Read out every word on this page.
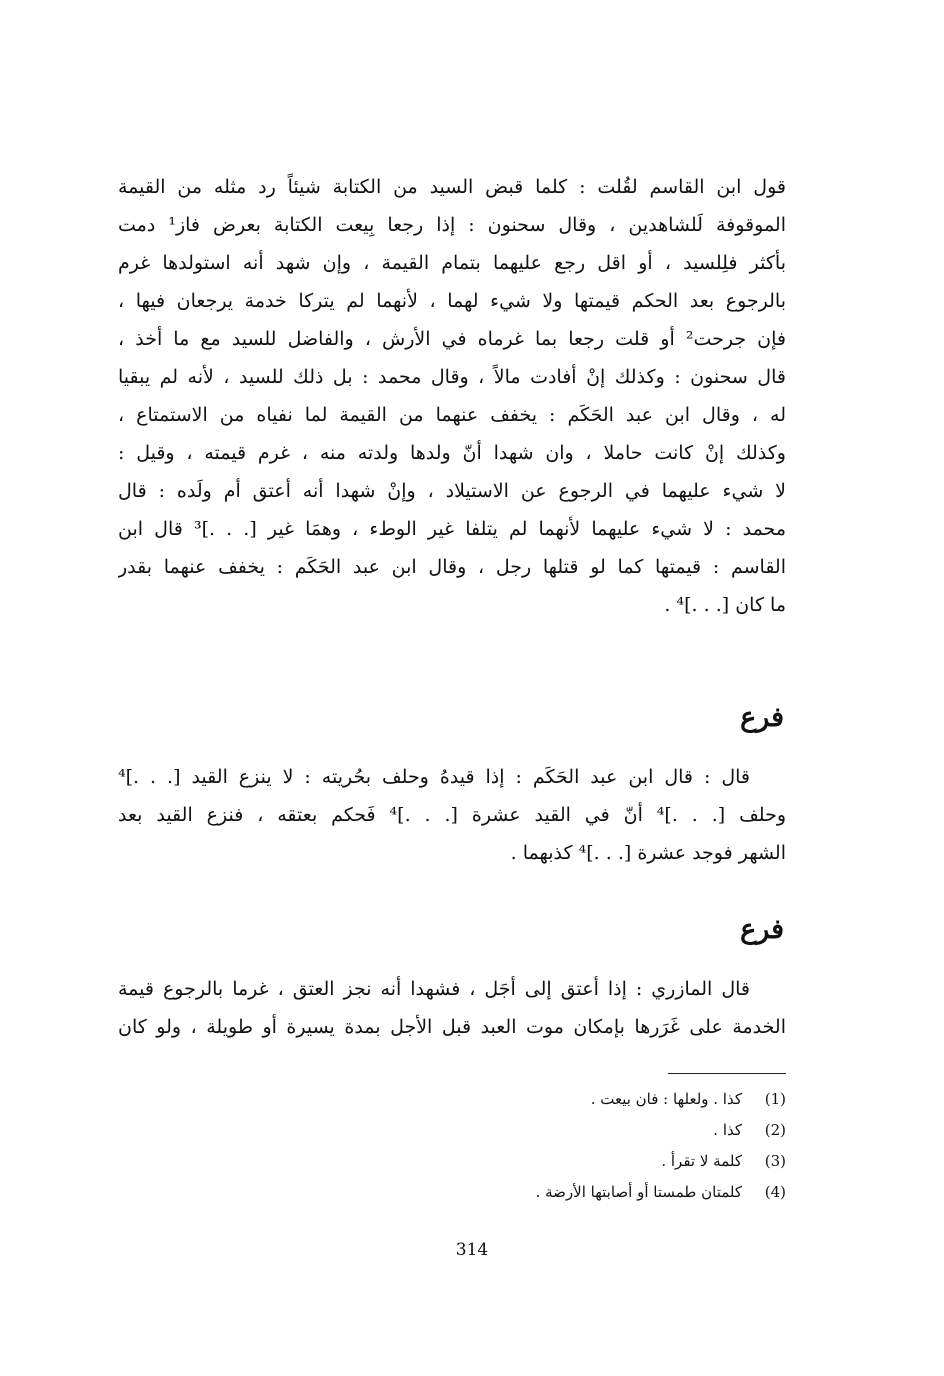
قول ابن القاسم لقُلت : كلما قبض السيد من الكتابة شيئاً رد مثله من القيمة
الموقوفة لَلشاهدين ، وقال سحنون : إذا رجعا بِيعت الكتابة بعرض فاز¹ دمت
بأكثر فلِلسيد ، أو اقل رجع عليهما بتمام القيمة ، وإن شهد أنه استولدها غرم
بالرجوع بعد الحكم قيمتها ولا شيء لهما ، لأنهما لم يتركا خدمة يرجعان فيها ،
فإن جرحت² أو قلت رجعا بما غرماه في الأرش ، والفاضل للسيد مع ما أخذ ،
قال سحنون : وكذلك إنْ أفادت مالاً ، وقال محمد : بل ذلك للسيد ، لأنه لم يبقيا
له ، وقال ابن عبد الحَكَم : يخفف عنهما من القيمة لما نفياه من الاستمتاع ،
وكذلك إنْ كانت حاملا ، وان شهدا أنّ ولدها ولدته منه ، غرم قيمته ، وقيل :
لا شيء عليهما في الرجوع عن الاستيلاد ، وإنْ شهدا أنه أعتق أم ولَده : قال
محمد : لا شيء عليهما لأنهما لم يتلفا غير الوطء ، وهمَا غير [. . .]³ قال ابن
القاسم : قيمتها كما لو قتلها رجل ، وقال ابن عبد الحَكَم : يخفف عنهما بقدر
ما كان [. . .]⁴ .
فرع
قال : قال ابن عبد الحَكَم : إذا قيدهُ وحلف بحُريته : لا ينزع القيد [. . .]⁴
وحلف [. . .]⁴ أنّ في القيد عشرة [. . .]⁴ فَحكم بعتقه ، فنزع القيد بعد
الشهر فوجد عشرة [. . .]⁴ كذبهما .
فرع
قال المازري : إذا أعتق إلى أجَل ، فشهدا أنه نجز العتق ، غرما بالرجوع قيمة
الخدمة على غَرَرها بإمكان موت العبد قبل الأجل بمدة يسيرة أو طويلة ، ولو كان
(1)
كذا . ولعلها : فان بيعت .
(2)
كذا .
(3)
كلمة لا تقرأ .
(4)
كلمتان طمستا أو أصابتها الأرضة .
314
